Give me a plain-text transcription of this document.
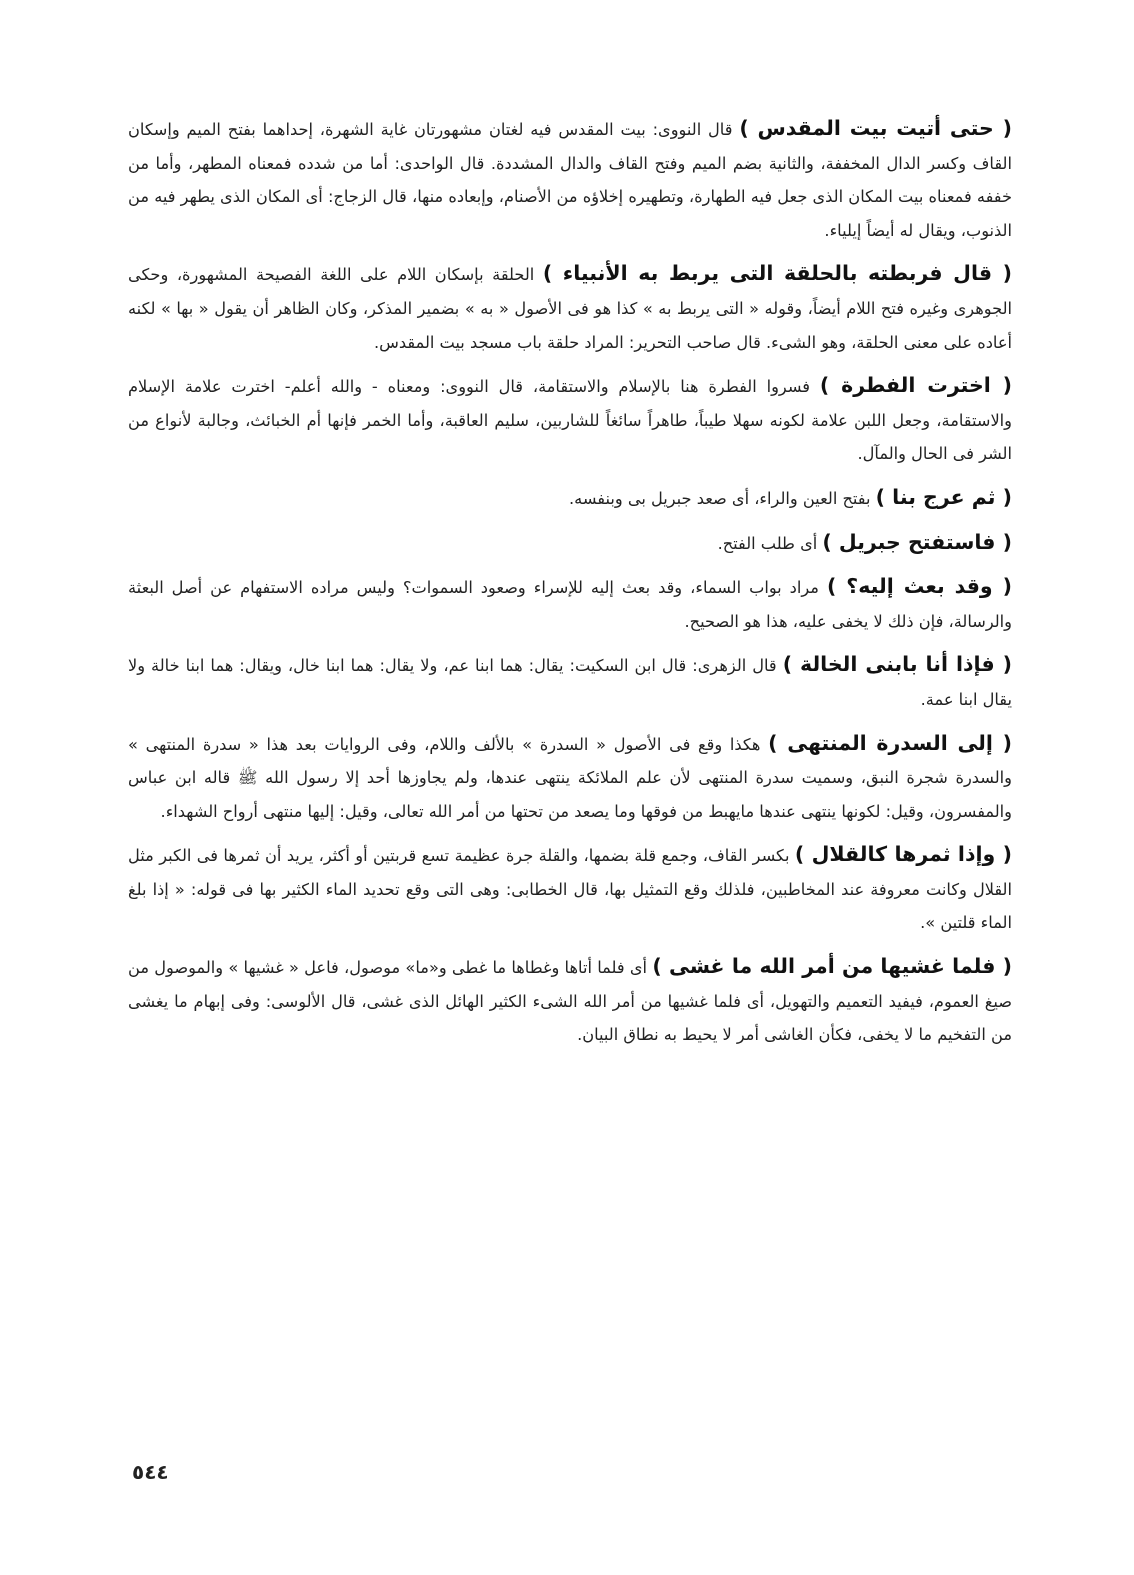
( حتى أتيت بيت المقدس ) قال النووى: بيت المقدس فيه لغتان مشهورتان غاية الشهرة، إحداهما بفتح الميم وإسكان القاف وكسر الدال المخففة، والثانية بضم الميم وفتح القاف والدال المشددة. قال الواحدى: أما من شدده فمعناه المطهر، وأما من خففه فمعناه بيت المكان الذى جعل فيه الطهارة، وتطهيره إخلاؤه من الأصنام، وإبعاده منها، قال الزجاج: أى المكان الذى يطهر فيه من الذنوب، ويقال له أيضاً إيلياء.

( قال فربطته بالحلقة التى يربط به الأنبياء ) الحلقة بإسكان اللام على اللغة الفصيحة المشهورة، وحكى الجوهرى وغيره فتح اللام أيضاً، وقوله « التى يربط به » كذا هو فى الأصول « به » بضمير المذكر، وكان الظاهر أن يقول « بها » لكنه أعاده على معنى الحلقة، وهو الشىء. قال صاحب التحرير: المراد حلقة باب مسجد بيت المقدس.

( اخترت الفطرة ) فسروا الفطرة هنا بالإسلام والاستقامة، قال النووى: ومعناه - والله أعلم- اخترت علامة الإسلام والاستقامة، وجعل اللبن علامة لكونه سهلا طيباً، طاهراً سائغاً للشاربين، سليم العاقبة، وأما الخمر فإنها أم الخبائث، وجالبة لأنواع من الشر فى الحال والمآل.

( ثم عرج بنا ) بفتح العين والراء، أى صعد جبريل بى وبنفسه.

( فاستفتح جبريل ) أى طلب الفتح.

( وقد بعث إليه؟ ) مراد بواب السماء، وقد بعث إليه للإسراء وصعود السموات؟ وليس مراده الاستفهام عن أصل البعثة والرسالة، فإن ذلك لا يخفى عليه، هذا هو الصحيح.

( فإذا أنا بابنى الخالة ) قال الزهرى: قال ابن السكيت: يقال: هما ابنا عم، ولا يقال: هما ابنا خال، ويقال: هما ابنا خالة ولا يقال ابنا عمة.

( إلى السدرة المنتهى ) هكذا وقع فى الأصول « السدرة » بالألف واللام، وفى الروايات بعد هذا « سدرة المنتهى » والسدرة شجرة النبق، وسميت سدرة المنتهى لأن علم الملائكة ينتهى عندها، ولم يجاوزها أحد إلا رسول الله ﷺ قاله ابن عباس والمفسرون، وقيل: لكونها ينتهى عندها مايهبط من فوقها وما يصعد من تحتها من أمر الله تعالى، وقيل: إليها منتهى أرواح الشهداء.

( وإذا ثمرها كالقلال ) بكسر القاف، وجمع قلة بضمها، والقلة جرة عظيمة تسع قربتين أو أكثر، يريد أن ثمرها فى الكبر مثل القلال وكانت معروفة عند المخاطبين، فلذلك وقع التمثيل بها، قال الخطابى: وهى التى وقع تحديد الماء الكثير بها فى قوله: « إذا بلغ الماء قلتين ».

( فلما غشيها من أمر الله ما غشى ) أى فلما أتاها وغطاها ما غطى و«ما» موصول، فاعل « غشيها » والموصول من صيغ العموم، فيفيد التعميم والتهويل، أى فلما غشيها من أمر الله الشىء الكثير الهائل الذى غشى، قال الألوسى: وفى إبهام ما يغشى من التفخيم ما لا يخفى، فكأن الغاشى أمر لا يحيط به نطاق البيان.

٥٤٤
